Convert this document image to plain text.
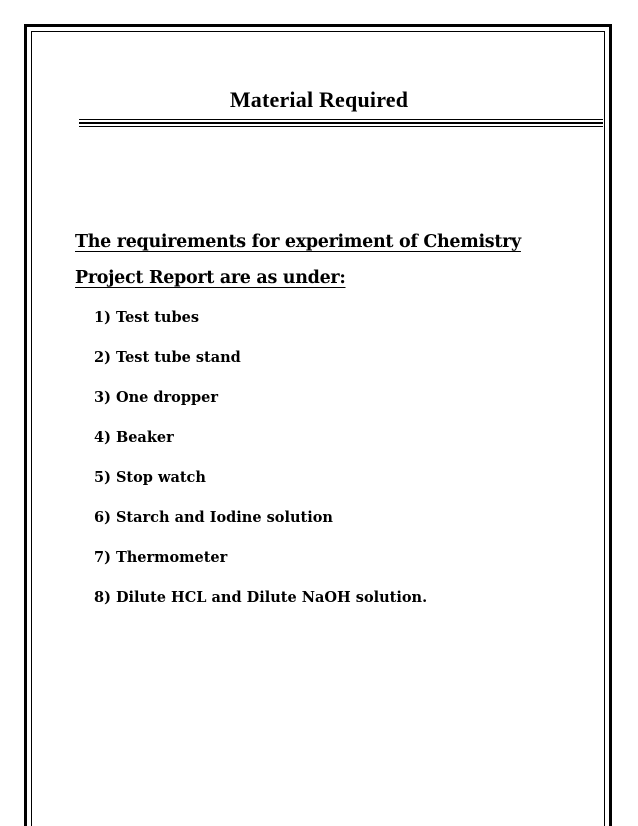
Material Required

The requirements for experiment of Chemistry
Project Report are as under:

1) Test tubes
2) Test tube stand
3) One dropper
4) Beaker
5) Stop watch
6) Starch and Iodine solution
7) Thermometer
8) Dilute HCL and Dilute NaOH solution.
